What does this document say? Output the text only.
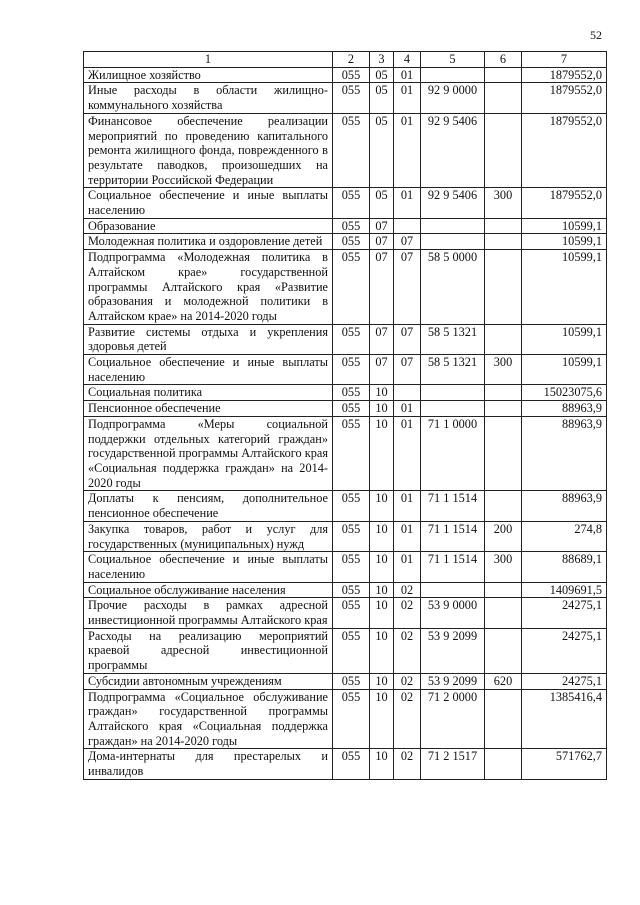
52
1	2	3	4	5	6	7
Жилищное хозяйство	055	05	01			1879552,0
Иные расходы в области жилищно-коммунального хозяйства	055	05	01	92 9 0000		1879552,0
Финансовое обеспечение реализации мероприятий по проведению капитального ремонта жилищного фонда, поврежденного в результате паводков, произошедших на территории Российской Федерации	055	05	01	92 9 5406		1879552,0
Социальное обеспечение и иные выплаты населению	055	05	01	92 9 5406	300	1879552,0
Образование	055	07				10599,1
Молодежная политика и оздоровление детей	055	07	07			10599,1
Подпрограмма «Молодежная политика в Алтайском крае» государственной программы Алтайского края «Развитие образования и молодежной политики в Алтайском крае» на 2014-2020 годы	055	07	07	58 5 0000		10599,1
Развитие системы отдыха и укрепления здоровья детей	055	07	07	58 5 1321		10599,1
Социальное обеспечение и иные выплаты населению	055	07	07	58 5 1321	300	10599,1
Социальная политика	055	10				15023075,6
Пенсионное обеспечение	055	10	01			88963,9
Подпрограмма «Меры социальной поддержки отдельных категорий граждан» государственной программы Алтайского края «Социальная поддержка граждан» на 2014-2020 годы	055	10	01	71 1 0000		88963,9
Доплаты к пенсиям, дополнительное пенсионное обеспечение	055	10	01	71 1 1514		88963,9
Закупка товаров, работ и услуг для государственных (муниципальных) нужд	055	10	01	71 1 1514	200	274,8
Социальное обеспечение и иные выплаты населению	055	10	01	71 1 1514	300	88689,1
Социальное обслуживание населения	055	10	02			1409691,5
Прочие расходы в рамках адресной инвестиционной программы Алтайского края	055	10	02	53 9 0000		24275,1
Расходы на реализацию мероприятий краевой адресной инвестиционной программы	055	10	02	53 9 2099		24275,1
Субсидии автономным учреждениям	055	10	02	53 9 2099	620	24275,1
Подпрограмма «Социальное обслуживание граждан» государственной программы Алтайского края «Социальная поддержка граждан» на 2014-2020 годы	055	10	02	71 2 0000		1385416,4
Дома-интернаты для престарелых и инвалидов	055	10	02	71 2 1517		571762,7
